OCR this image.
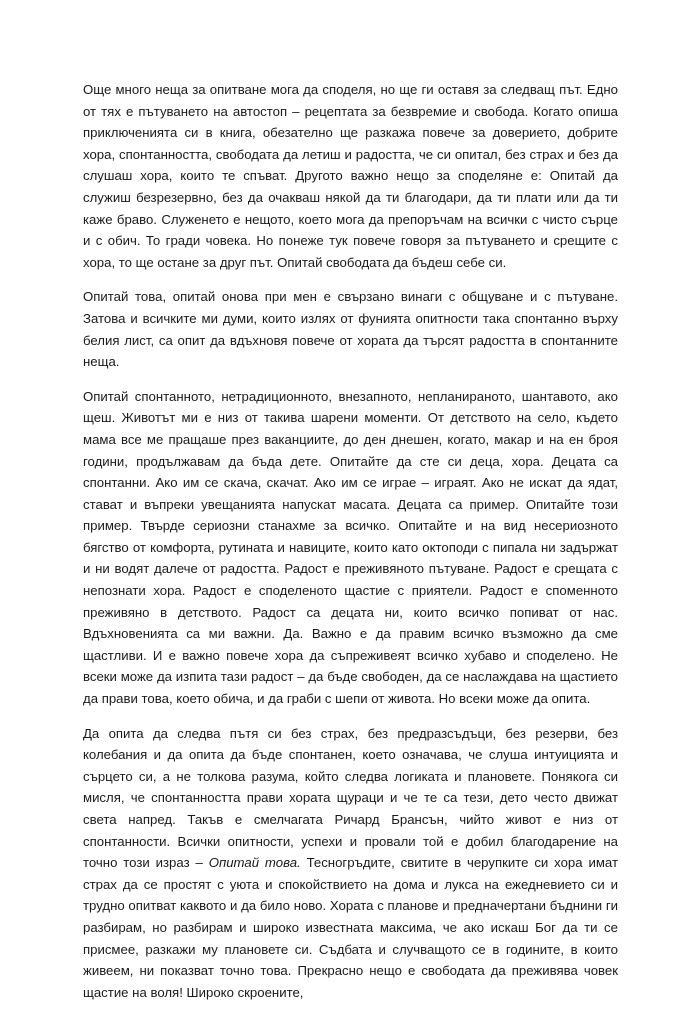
Още много неща за опитване мога да споделя, но ще ги оставя за следващ път. Едно от тях е пътуването на автостоп – рецептата за безвремие и свобода. Когато опиша приключенията си в книга, обезателно ще разкажа повече за доверието, добрите хора, спонтанността, свободата да летиш и радостта, че си опитал, без страх и без да слушаш хора, които те спъват. Другото важно нещо за споделяне е: Опитай да служиш безрезервно, без да очакваш някой да ти благодари, да ти плати или да ти каже браво. Служенето е нещото, което мога да препоръчам на всички с чисто сърце и с обич. То гради човека. Но понеже тук повече говоря за пътуването и срещите с хора, то ще остане за друг път. Опитай свободата да бъдеш себе си.

Опитай това, опитай онова при мен е свързано винаги с общуване и с пътуване. Затова и всичките ми думи, които излях от фунията опитности така спонтанно върху белия лист, са опит да вдъхновя повече от хората да търсят радостта в спонтанните неща.

Опитай спонтанното, нетрадиционното, внезапното, непланираното, шантавото, ако щеш. Животът ми е низ от такива шарени моменти. От детството на село, където мама все ме пращаше през ваканциите, до ден днешен, когато, макар и на ен броя години, продължавам да бъда дете. Опитайте да сте си деца, хора. Децата са спонтанни. Ако им се скача, скачат. Ако им се играе – играят. Ако не искат да ядат, стават и въпреки увещанията напускат масата. Децата са пример. Опитайте този пример. Твърде сериозни станахме за всичко. Опитайте и на вид несериозното бягство от комфорта, рутината и навиците, които като октоподи с пипала ни задържат и ни водят далече от радостта. Радост е преживяното пътуване. Радост е срещата с непознати хора. Радост е споделеното щастие с приятели. Радост е споменното преживяно в детството. Радост са децата ни, които всичко попиват от нас. Вдъхновенията са ми важни. Да. Важно е да правим всичко възможно да сме щастливи. И е важно повече хора да съпреживеят всичко хубаво и споделено. Не всеки може да изпита тази радост – да бъде свободен, да се наслаждава на щастието да прави това, което обича, и да граби с шепи от живота. Но всеки може да опита.

Да опита да следва пътя си без страх, без предразсъдъци, без резерви, без колебания и да опита да бъде спонтанен, което означава, че слуша интуицията и сърцето си, а не толкова разума, който следва логиката и плановете. Понякога си мисля, че спонтанността прави хората щураци и че те са тези, дето често движат света напред. Такъв е смелчагата Ричард Брансън, чийто живот е низ от спонтанности. Всички опитности, успехи и провали той е добил благодарение на точно този израз – Опитай това. Тесногръдите, свитите в черупките си хора имат страх да се простят с уюта и спокойствието на дома и лукса на ежедневието си и трудно опитват каквото и да било ново. Хората с планове и предначертани бъднини ги разбирам, но разбирам и широко известната максима, че ако искаш Бог да ти се присмее, разкажи му плановете си. Съдбата и случващото се в годините, в които живеем, ни показват точно това. Прекрасно нещо е свободата да преживява човек щастие на воля! Широко скроените,
